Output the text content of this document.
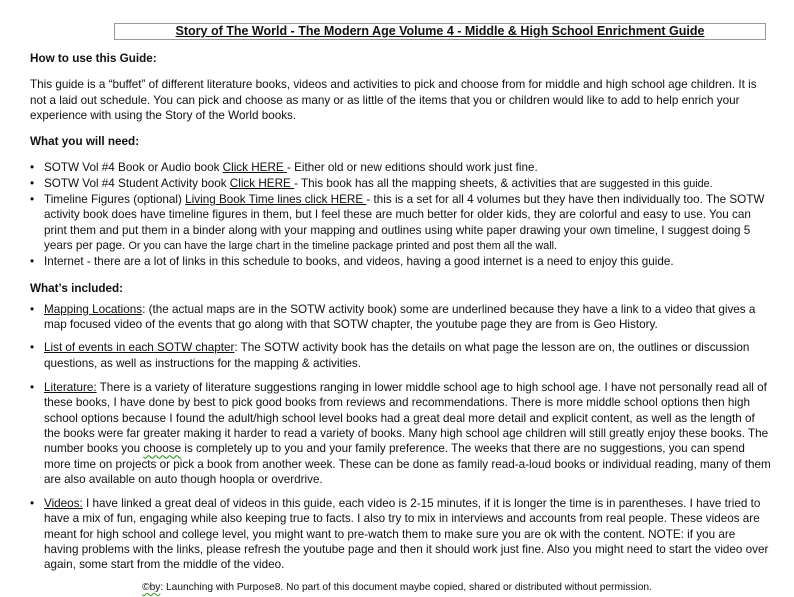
Story of The World - The Modern Age Volume 4 - Middle & High School Enrichment Guide

How to use this Guide:

This guide is a “buffet” of different literature books, videos and activities to pick and choose from for middle and high school age children. It is not a laid out schedule. You can pick and choose as many or as little of the items that you or children would like to add to help enrich your experience with using the Story of the World books.

What you will need:

• SOTW Vol #4 Book or Audio book Click HERE - Either old or new editions should work just fine.
• SOTW Vol #4 Student Activity book Click HERE - This book has all the mapping sheets, & activities that are suggested in this guide.
• Timeline Figures (optional) Living Book Time lines click HERE - this is a set for all 4 volumes but they have then individually too. The SOTW activity book does have timeline figures in them, but I feel these are much better for older kids, they are colorful and easy to use. You can print them and put them in a binder along with your mapping and outlines using white paper drawing your own timeline, I suggest doing 5 years per page. Or you can have the large chart in the timeline package printed and post them all the wall.
• Internet - there are a lot of links in this schedule to books, and videos, having a good internet is a need to enjoy this guide.

What’s included:

• Mapping Locations: (the actual maps are in the SOTW activity book) some are underlined because they have a link to a video that gives a map focused video of the events that go along with that SOTW chapter, the youtube page they are from is Geo History.
• List of events in each SOTW chapter: The SOTW activity book has the details on what page the lesson are on, the outlines or discussion questions, as well as instructions for the mapping & activities.
• Literature: There is a variety of literature suggestions ranging in lower middle school age to high school age. I have not personally read all of these books, I have done by best to pick good books from reviews and recommendations. There is more middle school options then high school options because I found the adult/high school level books had a great deal more detail and explicit content, as well as the length of the books were far greater making it harder to read a variety of books. Many high school age children will still greatly enjoy these books. The number books you choose is completely up to you and your family preference. The weeks that there are no suggestions, you can spend more time on projects or pick a book from another week. These can be done as family read-a-loud books or individual reading, many of them are also available on auto though hoopla or overdrive.
• Videos: I have linked a great deal of videos in this guide, each video is 2-15 minutes, if it is longer the time is in parentheses. I have tried to have a mix of fun, engaging while also keeping true to facts. I also try to mix in interviews and accounts from real people. These videos are meant for high school and college level, you might want to pre-watch them to make sure you are ok with the content. NOTE: if you are having problems with the links, please refresh the youtube page and then it should work just fine. Also you might need to start the video over again, some start from the middle of the video.
©by: Launching with Purpose8. No part of this document maybe copied, shared or distributed without permission.
